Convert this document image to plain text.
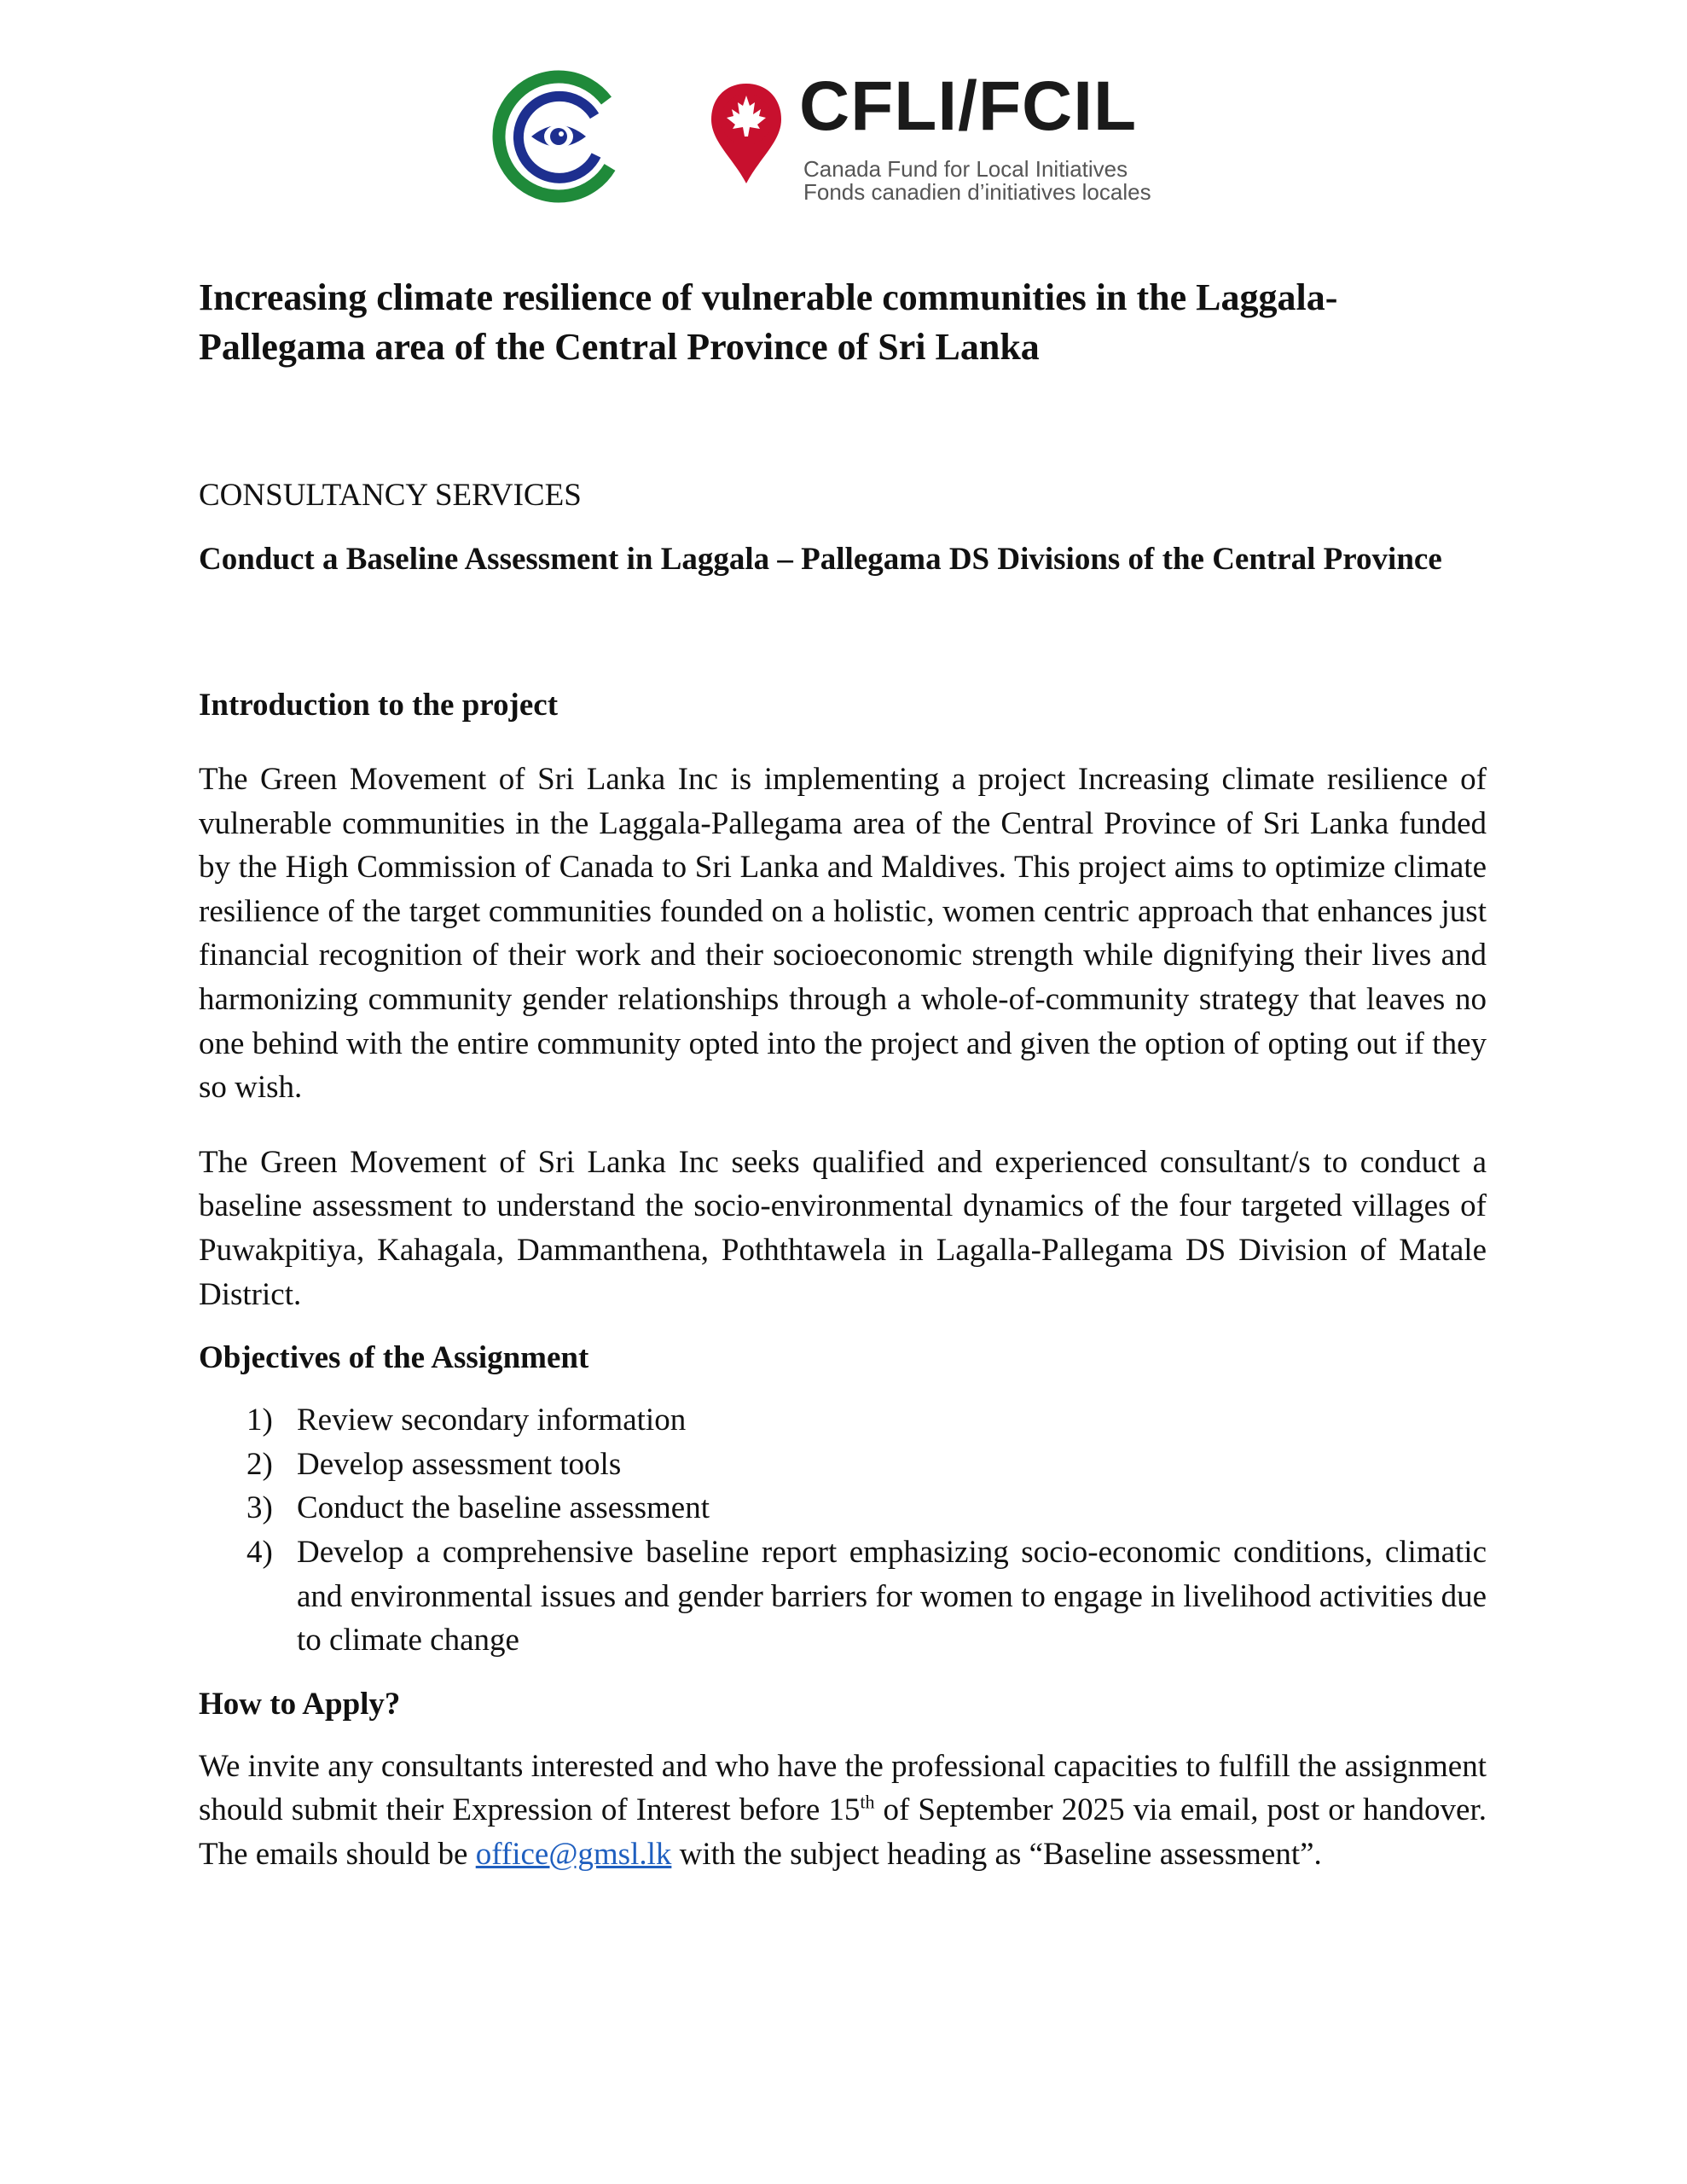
CFLI/FCIL
Canada Fund for Local Initiatives
Fonds canadien d’initiatives locales
Increasing climate resilience of vulnerable communities in the Laggala-Pallegama area of the Central Province of Sri Lanka

CONSULTANCY SERVICES

Conduct a Baseline Assessment in Laggala – Pallegama DS Divisions of the Central Province

Introduction to the project

The Green Movement of Sri Lanka Inc is implementing a project Increasing climate resilience of vulnerable communities in the Laggala-Pallegama area of the Central Province of Sri Lanka funded by the High Commission of Canada to Sri Lanka and Maldives. This project aims to optimize climate resilience of the target communities founded on a holistic, women centric approach that enhances just financial recognition of their work and their socioeconomic strength while dignifying their lives and harmonizing community gender relationships through a whole-of-community strategy that leaves no one behind with the entire community opted into the project and given the option of opting out if they so wish.

The Green Movement of Sri Lanka Inc seeks qualified and experienced consultant/s to conduct a baseline assessment to understand the socio-environmental dynamics of the four targeted villages of Puwakpitiya, Kahagala, Dammanthena, Poththtawela in Lagalla-Pallegama DS Division of Matale District.

Objectives of the Assignment
1) Review secondary information
2) Develop assessment tools
3) Conduct the baseline assessment
4) Develop a comprehensive baseline report emphasizing socio-economic conditions, climatic and environmental issues and gender barriers for women to engage in livelihood activities due to climate change
How to Apply?

We invite any consultants interested and who have the professional capacities to fulfill the assignment should submit their Expression of Interest before 15th of September 2025 via email, post or handover. The emails should be office@gmsl.lk with the subject heading as “Baseline assessment”.
